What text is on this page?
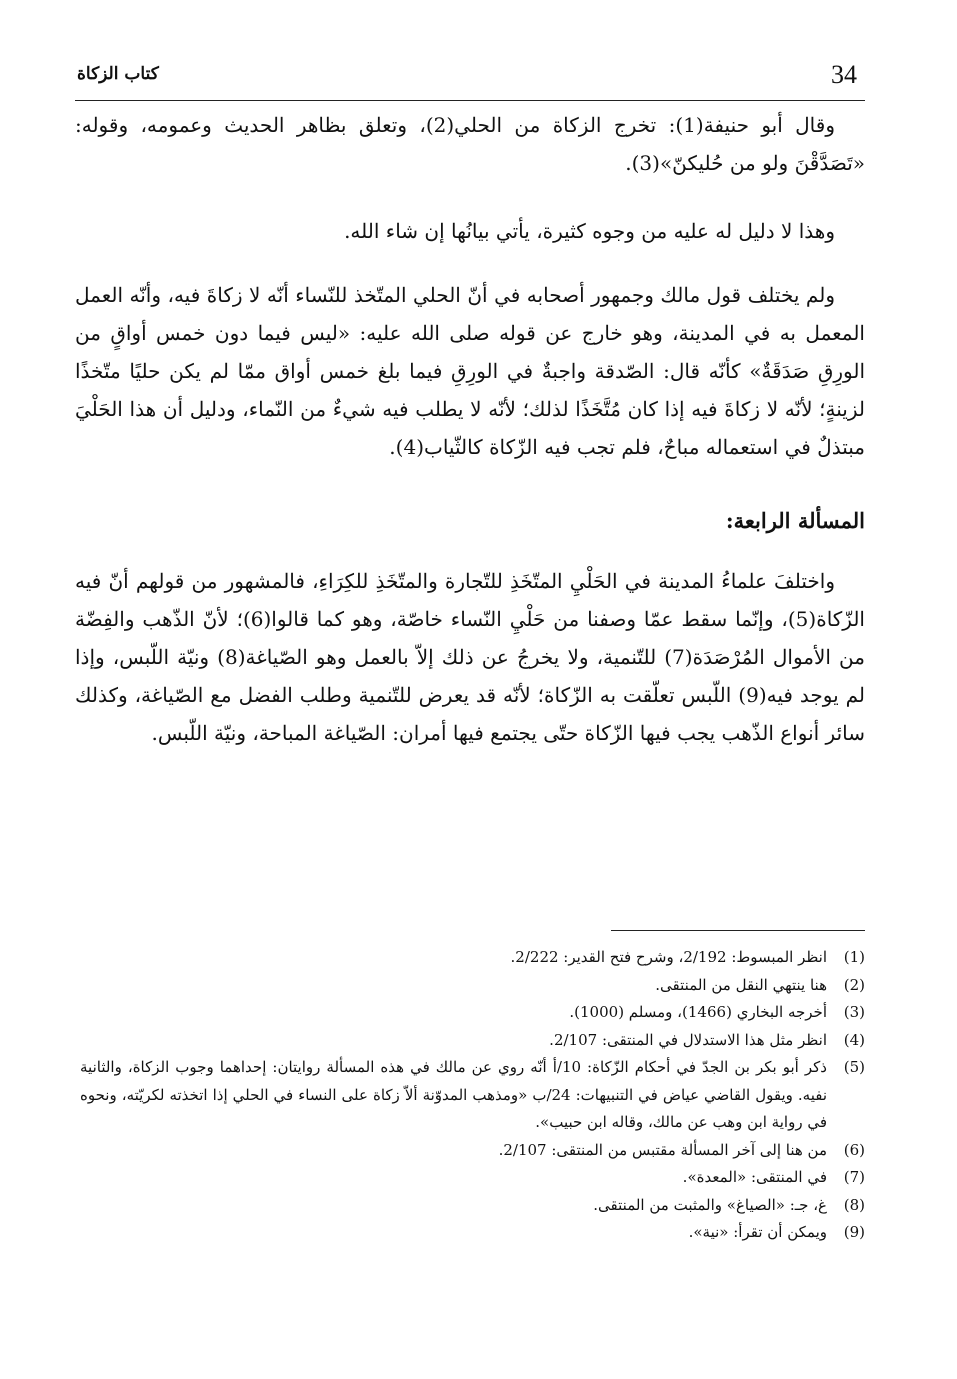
34
كتاب الزكاة

وقال أبو حنيفة(1): تخرج الزكاة من الحلي(2)، وتعلق بظاهر الحديث وعمومه، وقوله: «تَصَدَّقْنَ ولو من حُليكنّ»(3).

وهذا لا دليل له عليه من وجوه كثيرة، يأتي بيانُها إن شاء الله.

ولم يختلف قول مالك وجمهور أصحابه في أنّ الحلي المتّخذ للنّساء أنّه لا زكاةَ فيه، وأنّه العمل المعمل به في المدينة، وهو خارج عن قوله صلى الله عليه: «ليس فيما دون خمس أواقٍ من الورِقِ صَدَقَةٌ» كأنّه قال: الصّدقة واجبةٌ في الورِقِ فيما بلغ خمس أواق ممّا لم يكن حليًا متّخذًا لزينةٍ؛ لأنّه لا زكاةَ فيه إذا كان مُتَّخَذًا لذلك؛ لأنّه لا يطلب فيه شيءٌ من النّماء، ودليل أن هذا الحَلْيَ مبتذلٌ في استعماله مباحٌ، فلم تجب فيه الزّكاة كالثّياب(4).

المسألة الرابعة:

واختلفَ علماءُ المدينة في الحَلْيِ المتّخَذِ للتّجارة والمتّخَذِ للكِرَاءِ، فالمشهور من قولهم أنّ فيه الزّكاة(5)، وإنّما سقط عمّا وصفنا من حَلْيِ النّساء خاصّة، وهو كما قالوا(6)؛ لأنّ الذّهب والفِضّة من الأموال المُرْصَدَة(7) للتّنمية، ولا يخرجُ عن ذلك إلاّ بالعمل وهو الصّياغة(8) ونيّة اللّبس، وإذا لم يوجد فيه(9) اللّبس تعلّقت به الزّكاة؛ لأنّه قد يعرض للتّنمية وطلب الفضل مع الصّياغة، وكذلك سائر أنواع الذّهب يجب فيها الزّكاة حتّى يجتمع فيها أمران: الصّياغة المباحة، ونيّة اللّبس.

(1)
انظر المبسوط: 2/192، وشرح فتح القدير: 2/222.
(2)
هنا ينتهي النقل من المنتقى.
(3)
أخرجه البخاري (1466)، ومسلم (1000).
(4)
انظر مثل هذا الاستدلال في المنتقى: 2/107.
(5)
ذكر أبو بكر بن الجدّ في أحكام الزّكاة: 10/أ أنّه روي عن مالك في هذه المسألة روايتان: إحداهما وجوب الزكاة، والثانية نفيه. ويقول القاضي عياض في التنبيهات: 24/ب «ومذهب المدوّنة ألاّ زكاة على النساء في الحلي إذا اتخذته لكريّته، ونحوه في رواية ابن وهب عن مالك، وقاله ابن حبيب».
(6)
من هنا إلى آخر المسألة مقتبس من المنتقى: 2/107.
(7)
في المنتقى: «المعدة».
(8)
غ، جـ: «الصياغ» والمثبت من المنتقى.
(9)
ويمكن أن تقرأ: «نية».
